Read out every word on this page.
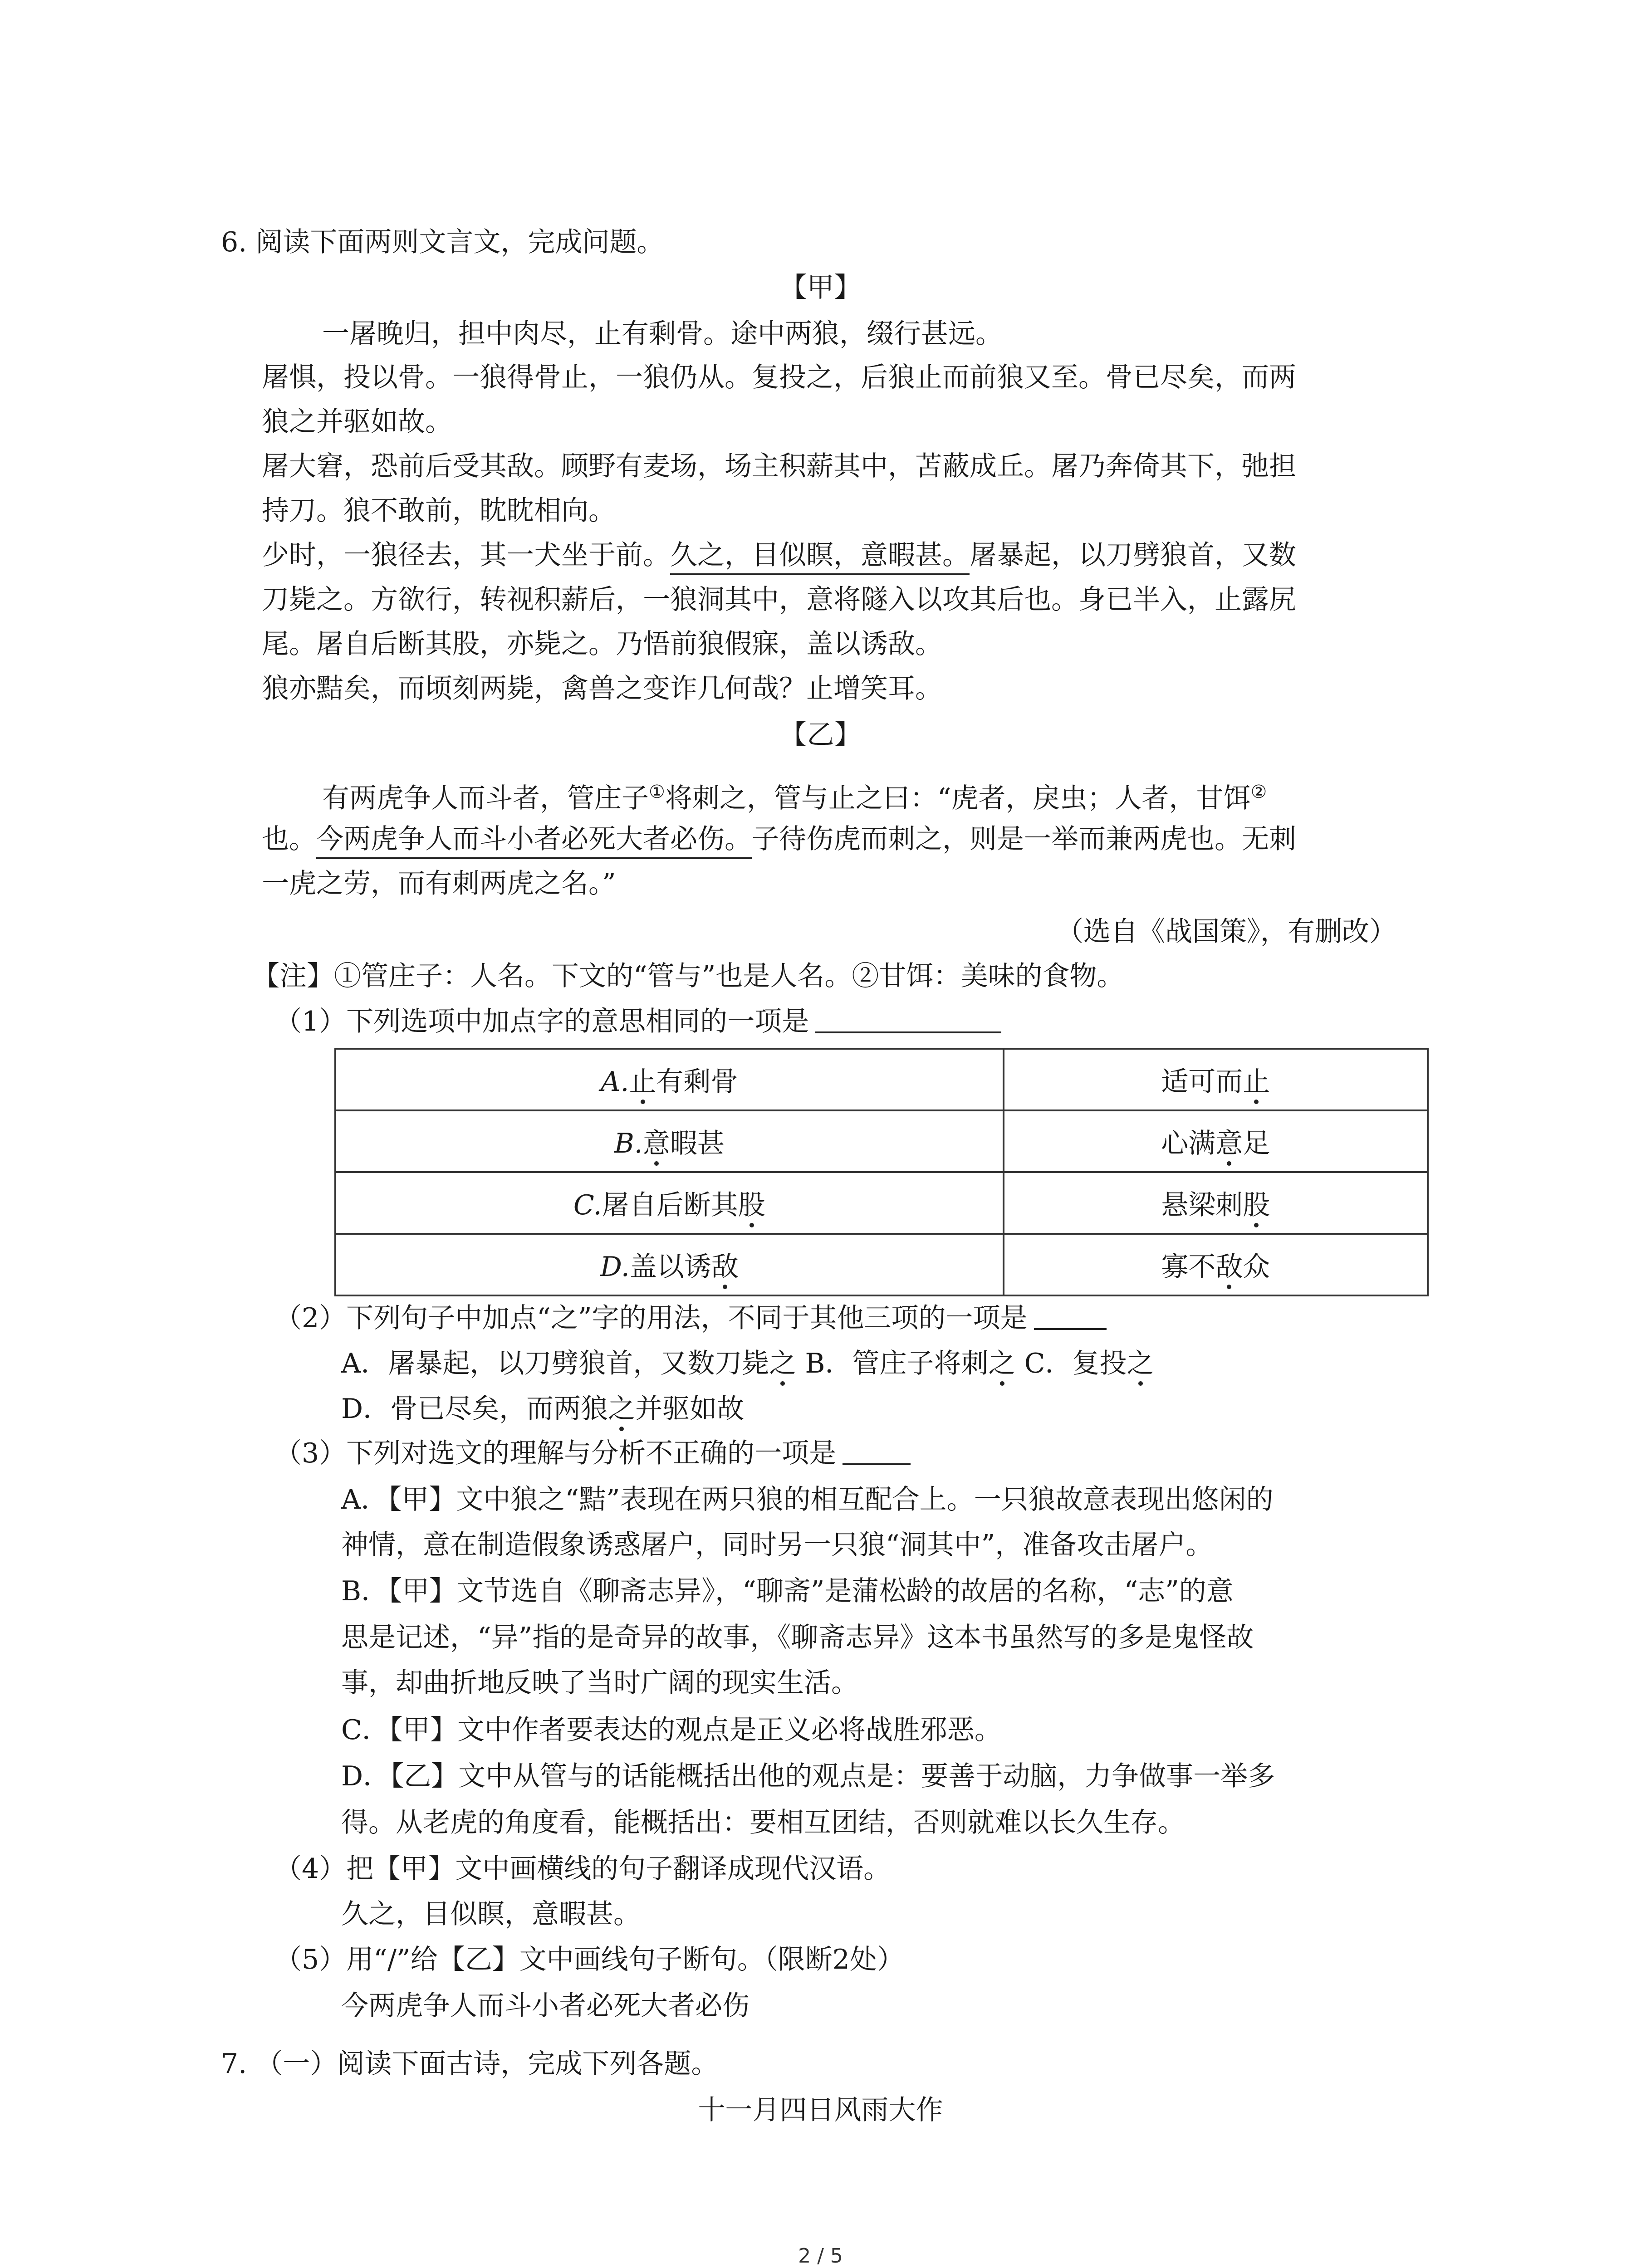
6. 阅读下面两则文言文，完成问题。
【甲】
一屠晚归，担中肉尽，止有剩骨。途中两狼，缀行甚远。
屠惧，投以骨。一狼得骨止，一狼仍从。复投之，后狼止而前狼又至。骨已尽矣，而两
狼之并驱如故。
屠大窘，恐前后受其敌。顾野有麦场，场主积薪其中，苫蔽成丘。屠乃奔倚其下，弛担
持刀。狼不敢前，眈眈相向。
少时，一狼径去，其一犬坐于前。久之，目似瞑，意暇甚。屠暴起，以刀劈狼首，又数
刀毙之。方欲行，转视积薪后，一狼洞其中，意将隧入以攻其后也。身已半入，止露尻
尾。屠自后断其股，亦毙之。乃悟前狼假寐，盖以诱敌。
狼亦黠矣，而顷刻两毙，禽兽之变诈几何哉？止增笑耳。
【乙】
有两虎争人而斗者，管庄子①将刺之，管与止之曰：“虎者，戾虫；人者，甘饵②
也。今两虎争人而斗小者必死大者必伤。子待伤虎而刺之，则是一举而兼两虎也。无刺
一虎之劳，而有刺两虎之名。”
（选自《战国策》，有删改）
【注】①管庄子：人名。下文的“管与”也是人名。②甘饵：美味的食物。
（1）下列选项中加点字的意思相同的一项是
A.止有剩骨	适可而止
B.意暇甚	心满意足
C.屠自后断其股	悬梁刺股
D.盖以诱敌	寡不敌众
（2）下列句子中加点“之”字的用法，不同于其他三项的一项是
A．屠暴起，以刀劈狼首，又数刀毙之 B．管庄子将刺之 C．复投之
D．骨已尽矣，而两狼之并驱如故
（3）下列对选文的理解与分析不正确的一项是
A．【甲】文中狼之“黠”表现在两只狼的相互配合上。一只狼故意表现出悠闲的
神情，意在制造假象诱惑屠户，同时另一只狼“洞其中”，准备攻击屠户。
B．【甲】文节选自《聊斋志异》，“聊斋”是蒲松龄的故居的名称，“志”的意
思是记述，“异”指的是奇异的故事，《聊斋志异》这本书虽然写的多是鬼怪故
事，却曲折地反映了当时广阔的现实生活。
C．【甲】文中作者要表达的观点是正义必将战胜邪恶。
D．【乙】文中从管与的话能概括出他的观点是：要善于动脑，力争做事一举多
得。从老虎的角度看，能概括出：要相互团结，否则就难以长久生存。
（4）把【甲】文中画横线的句子翻译成现代汉语。
久之，目似瞑，意暇甚。
（5）用“/”给【乙】文中画线句子断句。（限断2处）
今两虎争人而斗小者必死大者必伤
7. （一）阅读下面古诗，完成下列各题。
十一月四日风雨大作
2 / 5
